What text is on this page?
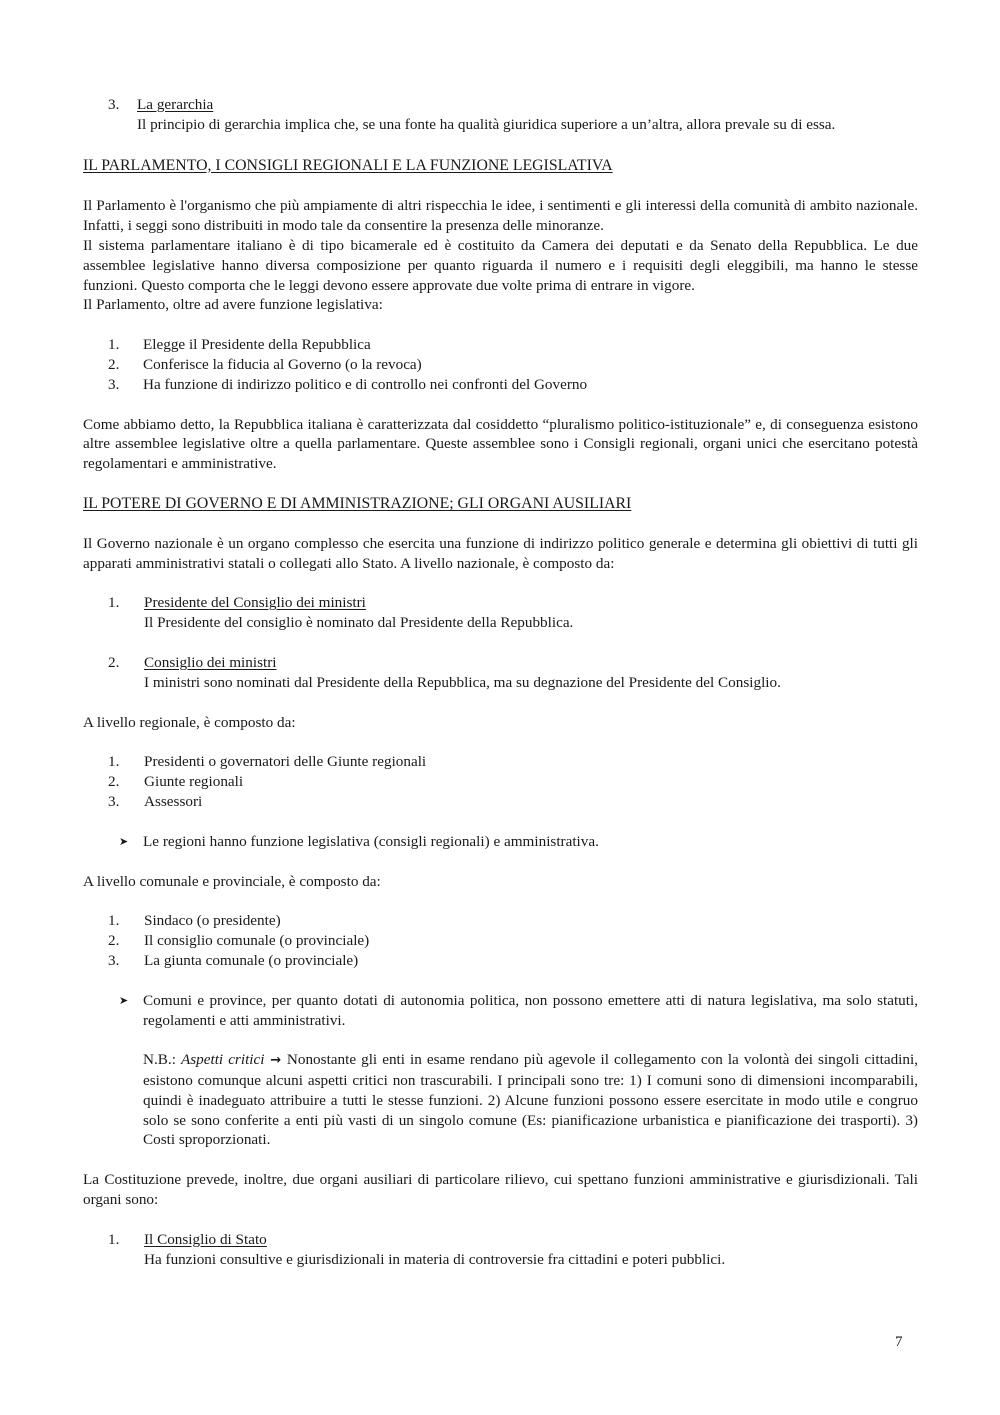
3. La gerarchia
Il principio di gerarchia implica che, se una fonte ha qualità giuridica superiore a un’altra, allora prevale su di essa.
IL PARLAMENTO, I CONSIGLI REGIONALI E LA FUNZIONE LEGISLATIVA

Il Parlamento è l'organismo che più ampiamente di altri rispecchia le idee, i sentimenti e gli interessi della comunità di ambito nazionale. Infatti, i seggi sono distribuiti in modo tale da consentire la presenza delle minoranze.

Il sistema parlamentare italiano è di tipo bicamerale ed è costituito da Camera dei deputati e da Senato della Repubblica. Le due assemblee legislative hanno diversa composizione per quanto riguarda il numero e i requisiti degli eleggibili, ma hanno le stesse funzioni. Questo comporta che le leggi devono essere approvate due volte prima di entrare in vigore.

Il Parlamento, oltre ad avere funzione legislativa:

1. Elegge il Presidente della Repubblica
2. Conferisce la fiducia al Governo (o la revoca)
3. Ha funzione di indirizzo politico e di controllo nei confronti del Governo

Come abbiamo detto, la Repubblica italiana è caratterizzata dal cosiddetto “pluralismo politico-istituzionale” e, di conseguenza esistono altre assemblee legislative oltre a quella parlamentare. Queste assemblee sono i Consigli regionali, organi unici che esercitano potestà regolamentari e amministrative.

IL POTERE DI GOVERNO E DI AMMINISTRAZIONE; GLI ORGANI AUSILIARI

Il Governo nazionale è un organo complesso che esercita una funzione di indirizzo politico generale e determina gli obiettivi di tutti gli apparati amministrativi statali o collegati allo Stato. A livello nazionale, è composto da:

1. Presidente del Consiglio dei ministri
Il Presidente del consiglio è nominato dal Presidente della Repubblica.
2. Consiglio dei ministri
I ministri sono nominati dal Presidente della Repubblica, ma su degnazione del Presidente del Consiglio.

A livello regionale, è composto da:

1. Presidenti o governatori delle Giunte regionali
2. Giunte regionali
3. Assessori
➤ Le regioni hanno funzione legislativa (consigli regionali) e amministrativa.

A livello comunale e provinciale, è composto da:

1. Sindaco (o presidente)
2. Il consiglio comunale (o provinciale)
3. La giunta comunale (o provinciale)
➤ Comuni e province, per quanto dotati di autonomia politica, non possono emettere atti di natura legislativa, ma solo statuti, regolamenti e atti amministrativi.
N.B.: Aspetti critici → Nonostante gli enti in esame rendano più agevole il collegamento con la volontà dei singoli cittadini, esistono comunque alcuni aspetti critici non trascurabili. I principali sono tre: 1) I comuni sono di dimensioni incomparabili, quindi è inadeguato attribuire a tutti le stesse funzioni. 2) Alcune funzioni possono essere esercitate in modo utile e congruo solo se sono conferite a enti più vasti di un singolo comune (Es: pianificazione urbanistica e pianificazione dei trasporti). 3) Costi sproporzionati.

La Costituzione prevede, inoltre, due organi ausiliari di particolare rilievo, cui spettano funzioni amministrative e giurisdizionali. Tali organi sono:

1. Il Consiglio di Stato
Ha funzioni consultive e giurisdizionali in materia di controversie fra cittadini e poteri pubblici.
7
